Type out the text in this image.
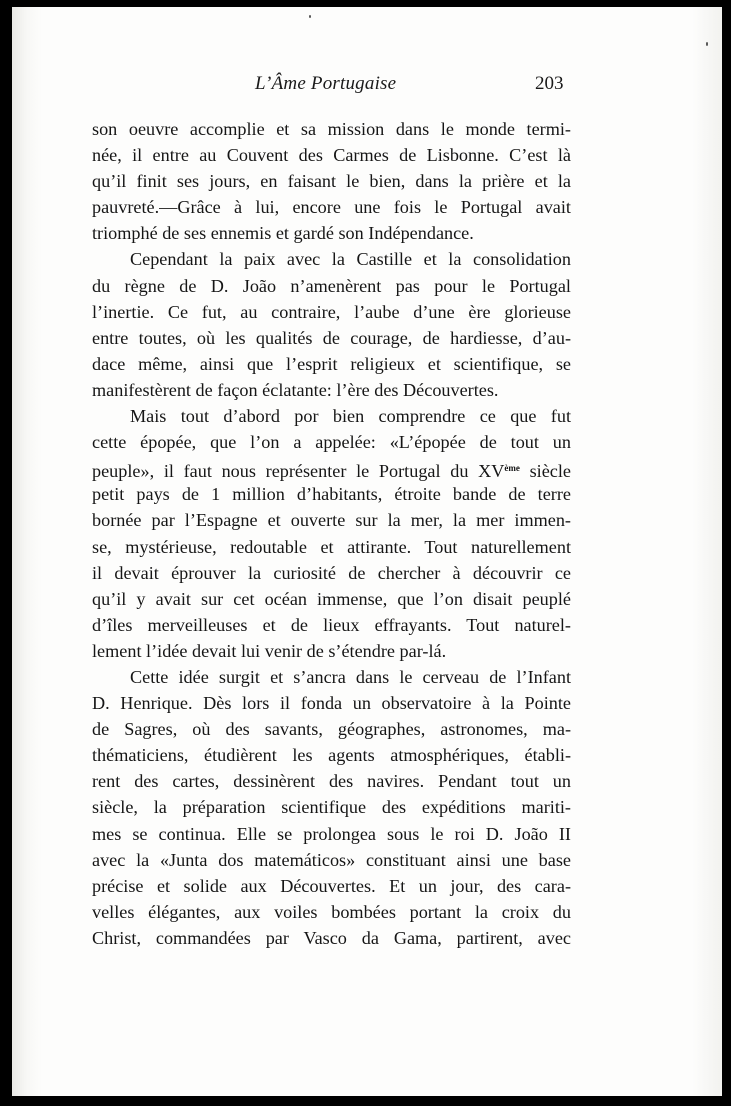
L’Âme Portugaise	203
son oeuvre accomplie et sa mission dans le monde termi-
née, il entre au Couvent des Carmes de Lisbonne. C’est là
qu’il finit ses jours, en faisant le bien, dans la prière et la
pauvreté.—Grâce à lui, encore une fois le Portugal avait
triomphé de ses ennemis et gardé son Indépendance.
Cependant la paix avec la Castille et la consolidation
du règne de D. João n’amenèrent pas pour le Portugal
l’inertie. Ce fut, au contraire, l’aube d’une ère glorieuse
entre toutes, où les qualités de courage, de hardiesse, d’au-
dace même, ainsi que l’esprit religieux et scientifique, se
manifestèrent de façon éclatante: l’ère des Découvertes.
Mais tout d’abord por bien comprendre ce que fut
cette épopée, que l’on a appelée: «L’épopée de tout un
peuple», il faut nous représenter le Portugal du XVème siècle
petit pays de 1 million d’habitants, étroite bande de terre
bornée par l’Espagne et ouverte sur la mer, la mer immen-
se, mystérieuse, redoutable et attirante. Tout naturellement
il devait éprouver la curiosité de chercher à découvrir ce
qu’il y avait sur cet océan immense, que l’on disait peuplé
d’îles merveilleuses et de lieux effrayants. Tout naturel-
lement l’idée devait lui venir de s’étendre par-lá.
Cette idée surgit et s’ancra dans le cerveau de l’Infant
D. Henrique. Dès lors il fonda un observatoire à la Pointe
de Sagres, où des savants, géographes, astronomes, ma-
thématiciens, étudièrent les agents atmosphériques, établi-
rent des cartes, dessinèrent des navires. Pendant tout un
siècle, la préparation scientifique des expéditions mariti-
mes se continua. Elle se prolongea sous le roi D. João II
avec la «Junta dos matemáticos» constituant ainsi une base
précise et solide aux Découvertes. Et un jour, des cara-
velles élégantes, aux voiles bombées portant la croix du
Christ, commandées par Vasco da Gama, partirent, avec
